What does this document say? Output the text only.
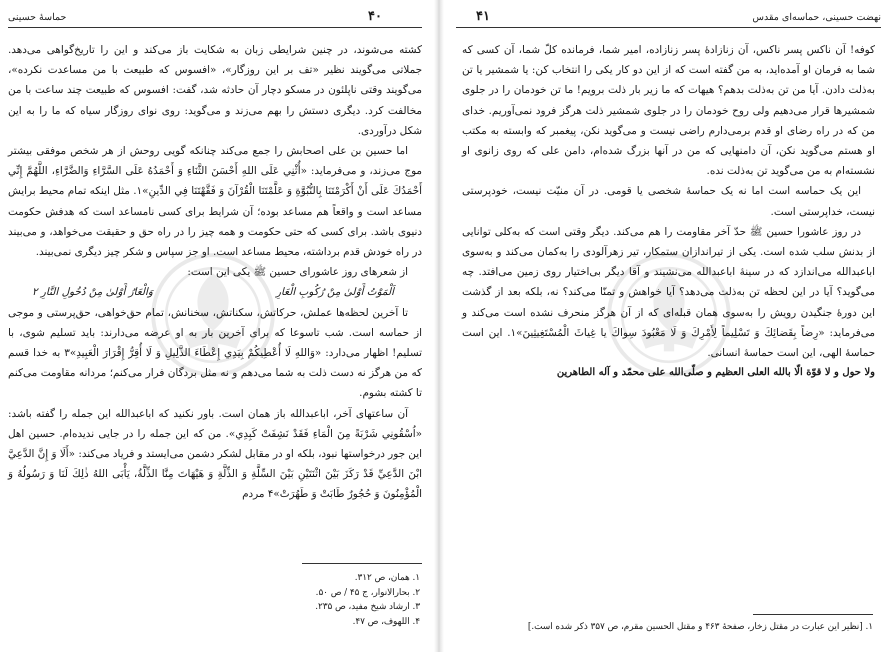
حماسهٔ حسینی	۴۰

کشته می‌شوند، در چنین شرایطی زبان به شکایت باز می‌کند و این را تاریخ‌گواهی می‌دهد. جملاتی می‌گویند نظیر «تف بر این روزگار»، «افسوس که طبیعت با من مساعدت نکرده»، می‌گویند وقتی ناپلئون در مسکو دچار آن حادثه شد، گفت: افسوس که طبیعت چند ساعت با من مخالفت کرد. دیگری دستش را بهم می‌زند و می‌گوید: روی نوای روزگار سیاه که ما را به این شکل درآوردی.

اما حسین بن علی اصحابش را جمع می‌کند چنانکه گویی روحش از هر شخص موفقی بیشتر موج می‌زند، و می‌فرماید: «أُثْنِي عَلَى اللهِ أَحْسَنَ الثَّنَاءِ وَ أَحْمَدُهُ عَلَى السَّرَّاءِ وَالضَّرَّاءِ، اللَّهُمَّ إِنِّي أَحْمَدُكَ عَلَى أَنْ أَكْرَمْتَنَا بِالنُّبُوَّةِ وَ عَلَّمْتَنَا الْقُرْآنَ وَ فَقَّهْتَنَا فِي الدِّينِ»۱. مثل اینکه تمام محیط برایش مساعد است و واقعاً هم مساعد بوده؛ آن شرایط برای کسی نامساعد است که هدفش حکومت دنیوی باشد. برای کسی که حتی حکومت و همه چیز را در راه حق و حقیقت می‌خواهد، و می‌بیند در راه خودش قدم برداشته، محیط مساعد است. او جز سپاس و شکر چیز دیگری نمی‌بیند.

از شعرهای روز عاشورای حسین ﷺ یکی این است:

اَلْمَوْتُ أَوْلىٰ مِنْ رُكُوبِ الْعَارِ
وَالْعَارُ أَوْلىٰ مِنْ دُخُولِ النَّارِ ۲

تا آخرین لحظه‌ها عملش، حرکاتش، سکناتش، سخنانش، تمام حق‌خواهی، حق‌پرستی و موجی از حماسه است. شب تاسوعا که برای آخرین بار به او عرضه می‌دارند: باید تسلیم شوی، با تسلیم! اظهار می‌دارد: «وَاللهِ لَا أُعْطِيكُمْ بِيَدِي إِعْطَاءَ الذَّلِيلِ وَ لَا أُقِرُّ إِقْرَارَ الْعَبِيدِ»۳ به خدا قسم که من هرگز نه دست ذلت به شما می‌دهم و نه مثل بردگان فرار می‌کنم؛ مردانه مقاومت می‌کنم تا کشته بشوم.

آن ساعتهای آخر، اباعبدالله باز همان است. باور نکنید که اباعبدالله این جمله را گفته باشد: «اُسْقُونِي شَرْبَةً مِنَ الْمَاءِ فَقَدْ نَشِفَتْ كَبِدِي». من که این جمله را در جایی ندیده‌ام. حسین اهل این جور درخواستها نبود، بلکه او در مقابل لشکر دشمن می‌ایستد و فریاد می‌کند: «أَلَا وَ إِنَّ الدَّعِيَّ ابْنَ الدَّعِيِّ قَدْ رَكَزَ بَيْنَ اثْنَتَيْنِ بَيْنَ السِّلَّةِ وَ الذِّلَّةِ وَ هَيْهَاتَ مِنَّا الذِّلَّةُ، يَأْبَى اللهُ ذٰلِكَ لَنَا وَ رَسُولُهُ وَ الْمُؤْمِنُونَ وَ حُجُورٌ طَابَتْ وَ طَهُرَتْ»۴ مردم

۱. همان، ص ۳۱۲.
۲. بحارالانوار، ج ۴۵ / ص ۵۰.
۳. ارشاد شیخ مفید، ص ۲۳۵.
۴. اللهوف، ص ۴۷.
۴۱	نهضت حسینی، حماسه‌ای مقدس

کوفه! آن ناکس پسر ناکس، آن زنازادهٔ پسر زنازاده، امیر شما، فرمانده کلّ شما، آن کسی که شما به فرمان او آمده‌اید، به من گفته است که از این دو کار یکی را انتخاب کن: یا شمشیر یا تن به‌ذلت دادن. آیا من تن به‌ذلت بدهم؟ هیهات که ما زیر بار ذلت برویم! ما تن خودمان را در جلوی شمشیرها قرار می‌دهیم ولی روح خودمان را در جلوی شمشیر ذلت هرگز فرود نمی‌آوریم. خدای من که در راه رضای او قدم برمی‌دارم راضی نیست و می‌گوید نکن، پیغمبر که وابسته به مکتب او هستم می‌گوید نکن، آن دامنهایی که من در آنها بزرگ شده‌ام، دامن علی که روی زانوی او نشسته‌ام به من می‌گوید تن به‌ذلت نده.

این یک حماسه است اما نه یک حماسهٔ شخصی یا قومی. در آن منیّت نیست، خودپرستی نیست، خداپرستی است.

در روز عاشورا حسین ﷺ حدّ آخر مقاومت را هم می‌کند. دیگر وقتی است که به‌کلی توانایی از بدنش سلب شده است. یکی از تیراندازان ستمکار، تیر زهرآلودی را به‌کمان می‌کند و به‌سوی اباعبدالله می‌اندازد که در سینهٔ اباعبدالله می‌نشیند و آقا دیگر بی‌اختیار روی زمین می‌افتد. چه می‌گوید؟ آیا در این لحظه تن به‌ذلت می‌دهد؟ آیا خواهش و تمنّا می‌کند؟ نه، بلکه بعد از گذشت این دورهٔ جنگیدن رویش را به‌سوی همان قبله‌ای که از آن هرگز منحرف نشده است می‌کند و می‌فرماید: «رِضاً بِقَضائِكَ وَ تَسْلِيماً لِأَمْرِكَ وَ لَا مَعْبُودَ سِواكَ يا غِياثَ الْمُسْتَغِيثِينَ»۱. این است حماسهٔ الهی، این است حماسهٔ انسانی.

ولا حول و لا قوّة الّا بالله العلی العظیم و صلّی‌الله علی محمّد و آله الطاهرین

۱. [نظیر این عبارت در مقتل زخار، صفحهٔ ۴۶۳ و مقتل الحسین مقرم، ص ۳۵۷ ذکر شده است.]
